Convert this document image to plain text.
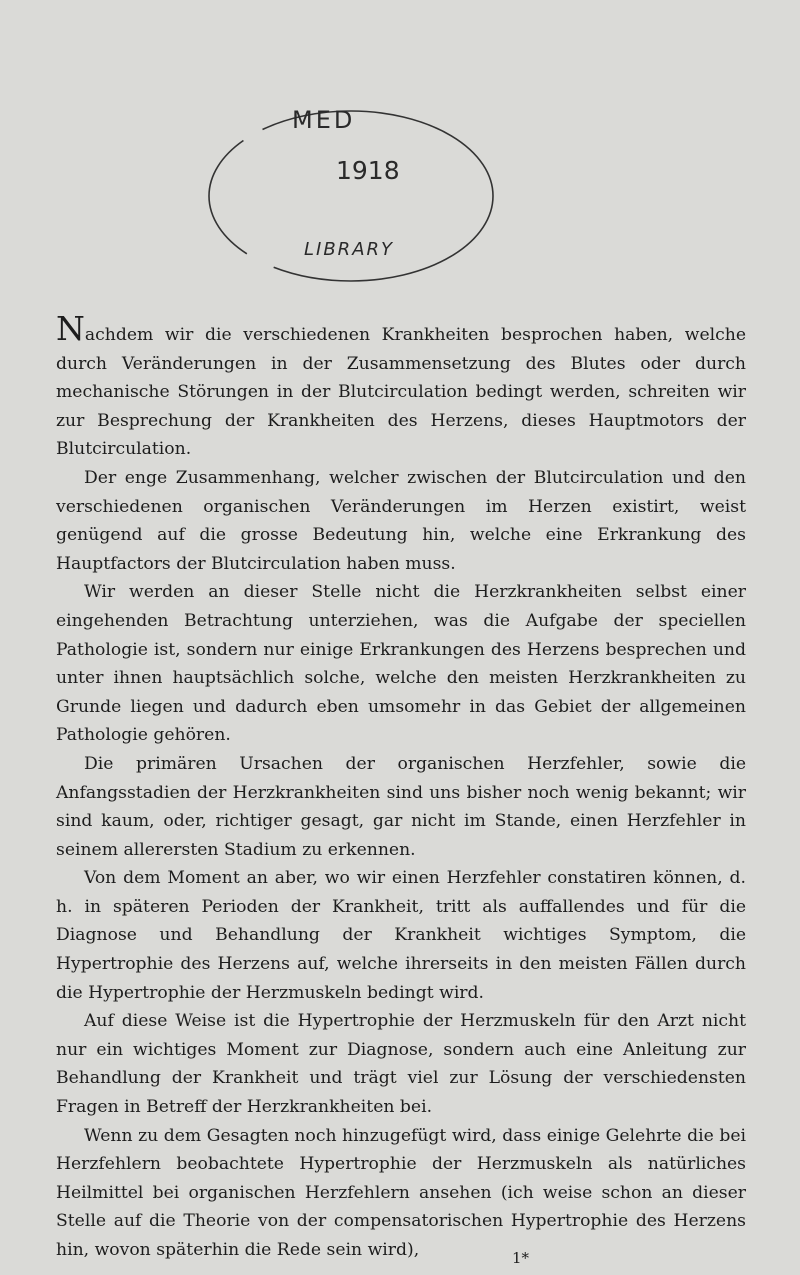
MED
1918
LIBRARY

Nachdem wir die verschiedenen Krankheiten besprochen haben, welche durch Veränderungen in der Zusammensetzung des Blutes oder durch mechanische Störungen in der Blutcirculation bedingt werden, schreiten wir zur Besprechung der Krankheiten des Herzens, dieses Hauptmotors der Blutcirculation.

Der enge Zusammenhang, welcher zwischen der Blutcirculation und den verschiedenen organischen Veränderungen im Herzen existirt, weist genügend auf die grosse Bedeutung hin, welche eine Erkrankung des Hauptfactors der Blutcirculation haben muss.

Wir werden an dieser Stelle nicht die Herzkrankheiten selbst einer eingehenden Betrachtung unterziehen, was die Aufgabe der speciellen Pathologie ist, sondern nur einige Erkrankungen des Herzens besprechen und unter ihnen hauptsächlich solche, welche den meisten Herzkrankheiten zu Grunde liegen und dadurch eben umsomehr in das Gebiet der allgemeinen Pathologie gehören.

Die primären Ursachen der organischen Herzfehler, sowie die Anfangsstadien der Herzkrankheiten sind uns bisher noch wenig bekannt; wir sind kaum, oder, richtiger gesagt, gar nicht im Stande, einen Herzfehler in seinem allerersten Stadium zu erkennen.

Von dem Moment an aber, wo wir einen Herzfehler constatiren können, d. h. in späteren Perioden der Krankheit, tritt als auffallendes und für die Diagnose und Behandlung der Krankheit wichtiges Symptom, die Hypertrophie des Herzens auf, welche ihrerseits in den meisten Fällen durch die Hypertrophie der Herzmuskeln bedingt wird.

Auf diese Weise ist die Hypertrophie der Herzmuskeln für den Arzt nicht nur ein wichtiges Moment zur Diagnose, sondern auch eine Anleitung zur Behandlung der Krankheit und trägt viel zur Lösung der verschiedensten Fragen in Betreff der Herzkrankheiten bei.

Wenn zu dem Gesagten noch hinzugefügt wird, dass einige Gelehrte die bei Herzfehlern beobachtete Hypertrophie der Herzmuskeln als natürliches Heilmittel bei organischen Herzfehlern ansehen (ich weise schon an dieser Stelle auf die Theorie von der compensatorischen Hypertrophie des Herzens hin, wovon späterhin die Rede sein wird),	1*
